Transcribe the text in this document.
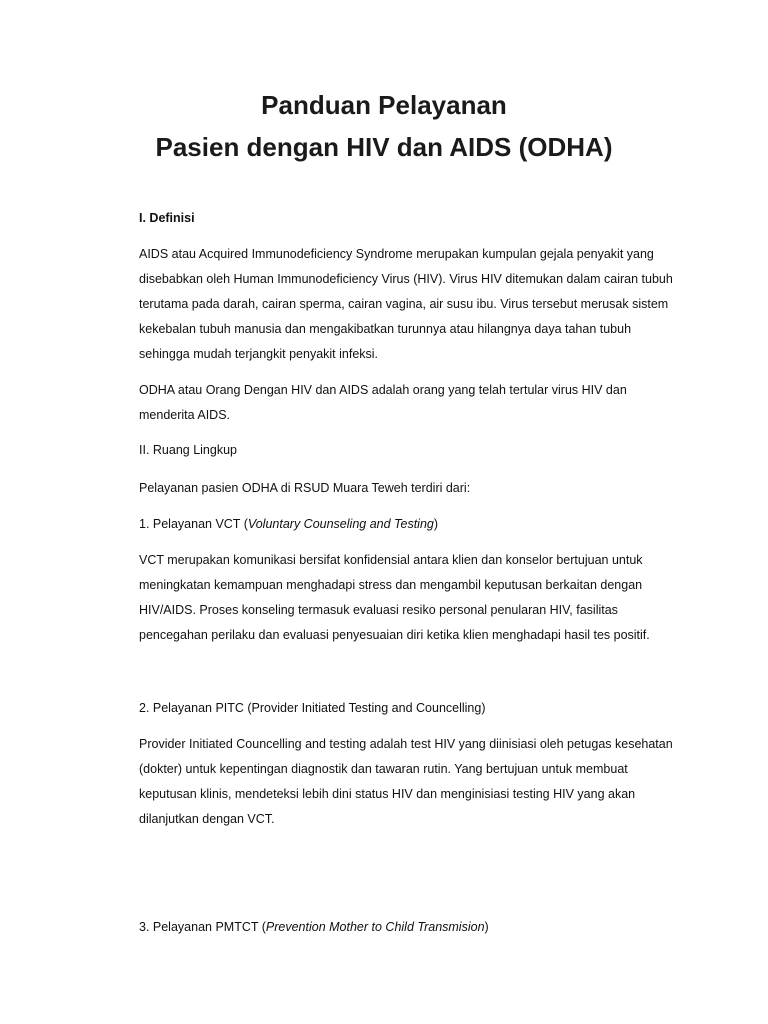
Panduan Pelayanan
Pasien dengan HIV dan AIDS (ODHA)
I. Definisi

AIDS atau Acquired Immunodeficiency Syndrome merupakan kumpulan gejala penyakit yang disebabkan oleh Human Immunodeficiency Virus (HIV). Virus HIV ditemukan dalam cairan tubuh terutama pada darah, cairan sperma, cairan vagina, air susu ibu. Virus tersebut merusak sistem kekebalan tubuh manusia dan mengakibatkan turunnya atau hilangnya daya tahan tubuh sehingga mudah terjangkit penyakit infeksi.

ODHA atau Orang Dengan HIV dan AIDS adalah orang yang telah tertular virus HIV dan menderita AIDS.

II. Ruang Lingkup
Pelayanan pasien ODHA di RSUD Muara Teweh terdiri dari:
1. Pelayanan VCT (Voluntary Counseling and Testing)

VCT merupakan komunikasi bersifat konfidensial antara klien dan konselor bertujuan untuk meningkatan kemampuan menghadapi stress dan mengambil keputusan berkaitan dengan HIV/AIDS. Proses konseling termasuk evaluasi resiko personal penularan HIV, fasilitas pencegahan perilaku dan evaluasi penyesuaian diri ketika klien menghadapi hasil tes positif.

2. Pelayanan PITC (Provider Initiated Testing and Councelling)

Provider Initiated Councelling and testing adalah test HIV yang diinisiasi oleh petugas kesehatan (dokter) untuk kepentingan diagnostik dan tawaran rutin. Yang bertujuan untuk membuat keputusan klinis, mendeteksi lebih dini status HIV dan menginisiasi testing HIV yang akan dilanjutkan dengan VCT.

3. Pelayanan PMTCT (Prevention Mother to Child Transmision)
